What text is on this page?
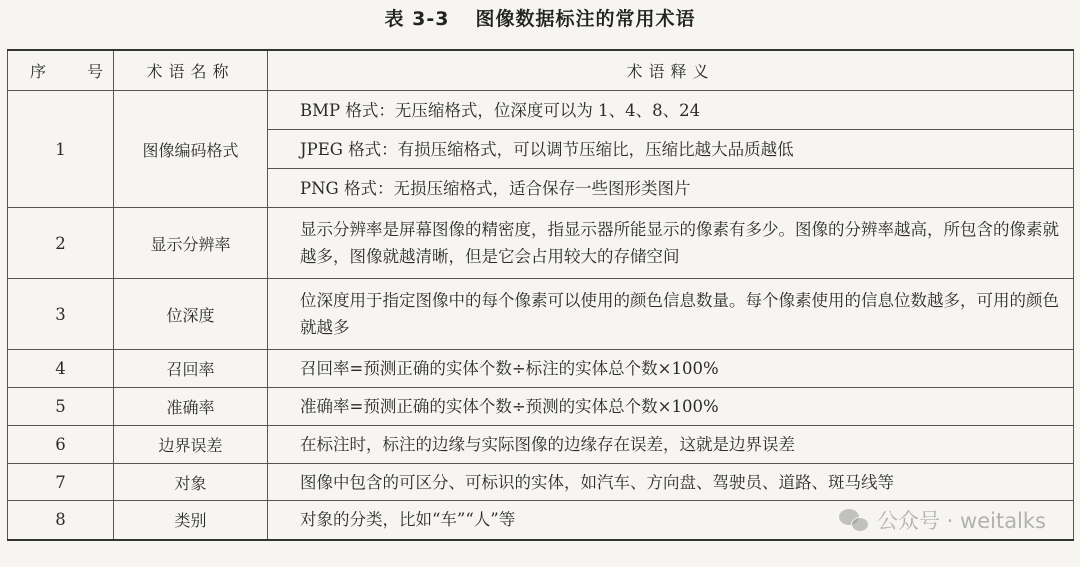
表 3-3 图像数据标注的常用术语
序 号	术语名称	术语释义
1	图像编码格式	BMP 格式：无压缩格式，位深度可以为 1、4、8、24
		JPEG 格式：有损压缩格式，可以调节压缩比，压缩比越大品质越低
		PNG 格式：无损压缩格式，适合保存一些图形类图片
2	显示分辨率	显示分辨率是屏幕图像的精密度，指显示器所能显示的像素有多少。图像的分辨率越高，所包含的像素就越多，图像就越清晰，但是它会占用较大的存储空间
3	位深度	位深度用于指定图像中的每个像素可以使用的颜色信息数量。每个像素使用的信息位数越多，可用的颜色就越多
4	召回率	召回率=预测正确的实体个数÷标注的实体总个数×100%
5	准确率	准确率=预测正确的实体个数÷预测的实体总个数×100%
6	边界误差	在标注时，标注的边缘与实际图像的边缘存在误差，这就是边界误差
7	对象	图像中包含的可区分、可标识的实体，如汽车、方向盘、驾驶员、道路、斑马线等
8	类别	对象的分类，比如“车”“人”等	公众号 · weitalks
